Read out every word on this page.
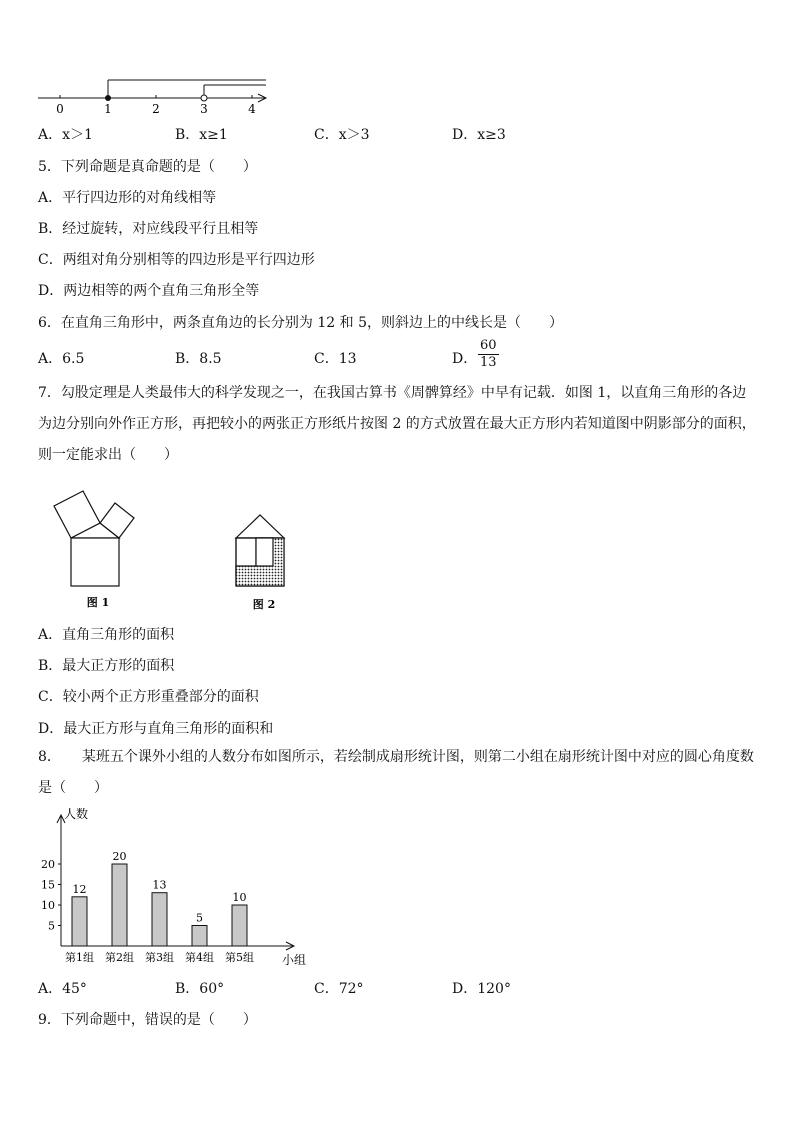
0	1	2	3	4
A．x＞1	B．x≥1	C．x＞3	D．x≥3
5．下列命题是真命题的是（　　）
A．平行四边形的对角线相等
B．经过旋转，对应线段平行且相等
C．两组对角分别相等的四边形是平行四边形
D．两边相等的两个直角三角形全等
6．在直角三角形中，两条直角边的长分别为 12 和 5，则斜边上的中线长是（　　）
A．6.5	B．8.5	C．13	D． $\frac{60}{13}$
7．勾股定理是人类最伟大的科学发现之一，在我国古算书《周髀算经》中早有记载．如图 1，以直角三角形的各边为边分别向外作正方形，再把较小的两张正方形纸片按图 2 的方式放置在最大正方形内若知道图中阴影部分的面积，则一定能求出（　　）
图 1	图 2
A．直角三角形的面积
B．最大正方形的面积
C．较小两个正方形重叠部分的面积
D．最大正方形与直角三角形的面积和
8．　　某班五个课外小组的人数分布如图所示，若绘制成扇形统计图，则第二小组在扇形统计图中对应的圆心角度数是（　　）
人数
小组
5
10
15
20
12
第1组
20
第2组
13
第3组
5
第4组
10
第5组
A．45°	B．60°	C．72°	D．120°
9．下列命题中，错误的是（　　）
